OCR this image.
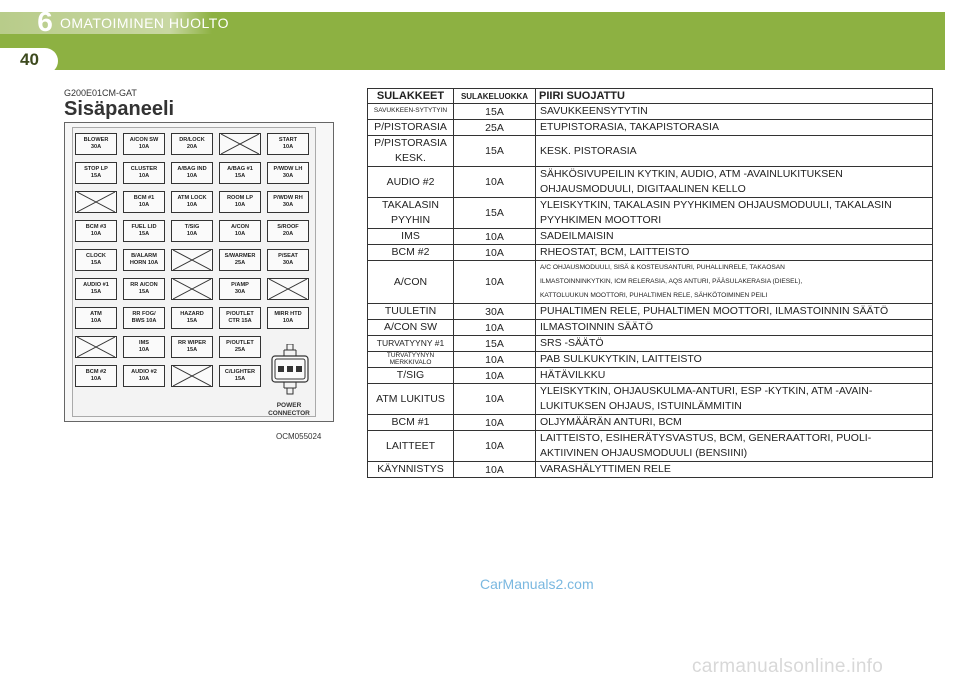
6 OMATOIMINEN HUOLTO
40
G200E01CM-GAT
Sisäpaneeli
POWER
CONNECTOR
BLOWER
30A
A/CON SW
10A
DR/LOCK
20A
START
10A
STOP LP
15A
CLUSTER
10A
A/BAG IND
10A
A/BAG #1
15A
P/WDW LH
30A
BCM #1
10A
ATM LOCK
10A
ROOM LP
10A
P/WDW RH
30A
BCM #3
10A
FUEL LID
15A
T/SIG
10A
A/CON
10A
S/ROOF
20A
CLOCK
15A
B/ALARM
HORN 10A
S/WARMER
25A
P/SEAT
30A
AUDIO #1
15A
RR A/CON
15A
P/AMP
30A
ATM
10A
RR FOG/
BWS 10A
HAZARD
15A
P/OUTLET
CTR 15A
MIRR HTD
10A
IMS
10A
RR WIPER
15A
P/OUTLET
25A
BCM #2
10A
AUDIO #2
10A
C/LIGHTER
15A
OCM055024
SULAKKEET	SULAKELUOKKA	PIIRI SUOJATTU
SAVUKKEEN-SYTYTYIN	15A	SAVUKKEENSYTYTIN

P/PISTORASIA	25A	ETUPISTORASIA, TAKAPISTORASIA

P/PISTORASIA KESK.	15A	KESK. PISTORASIA

AUDIO #2	10A	SÄHKÖSIVUPEILIN KYTKIN, AUDIO, ATM -AVAINLUKITUKSEN
OHJAUSMODUULI, DIGITAALINEN KELLO

TAKALASIN PYYHIN	15A	YLEISKYTKIN, TAKALASIN PYYHKIMEN OHJAUSMODUULI, TAKALASIN
PYYHKIMEN MOOTTORI

IMS	10A	SADEILMAISIN

BCM #2	10A	RHEOSTAT, BCM, LAITTEISTO

A/CON	10A	A/C OHJAUSMODUULI, SISÄ & KOSTEUSANTURI, PUHALLINRELE, TAKAOSAN
ILMASTOINNINKYTKIN, ICM RELERASIA, AQS ANTURI, PÄÄSULAKERASIA (DIESEL),
KATTOLUUKUN MOOTTORI, PUHALTIMEN RELE, SÄHKÖTOIMINEN PEILI

TUULETIN	30A	PUHALTIMEN RELE, PUHALTIMEN MOOTTORI, ILMASTOINNIN SÄÄTÖ

A/CON SW	10A	ILMASTOINNIN SÄÄTÖ

TURVATYYNY #1	15A	SRS -SÄÄTÖ

TURVATYYNYN MERKKIVALO	10A	PAB SULKUKYTKIN, LAITTEISTO

T/SIG	10A	HÄTÄVILKKU

ATM LUKITUS	10A	YLEISKYTKIN, OHJAUSKULMA-ANTURI, ESP -KYTKIN, ATM -AVAIN-
LUKITUKSEN OHJAUS, ISTUINLÄMMITIN

BCM #1	10A	OLJYMÄÄRÄN ANTURI, BCM

LAITTEET	10A	LAITTEISTO, ESIHERÄTYSVASTUS, BCM, GENERAATTORI, PUOLI-
AKTIIVINEN OHJAUSMODUULI (BENSIINI)

KÄYNNISTYS	10A	VARASHÄLYTTIMEN RELE
CarManuals2.com
carmanualsonline.info
